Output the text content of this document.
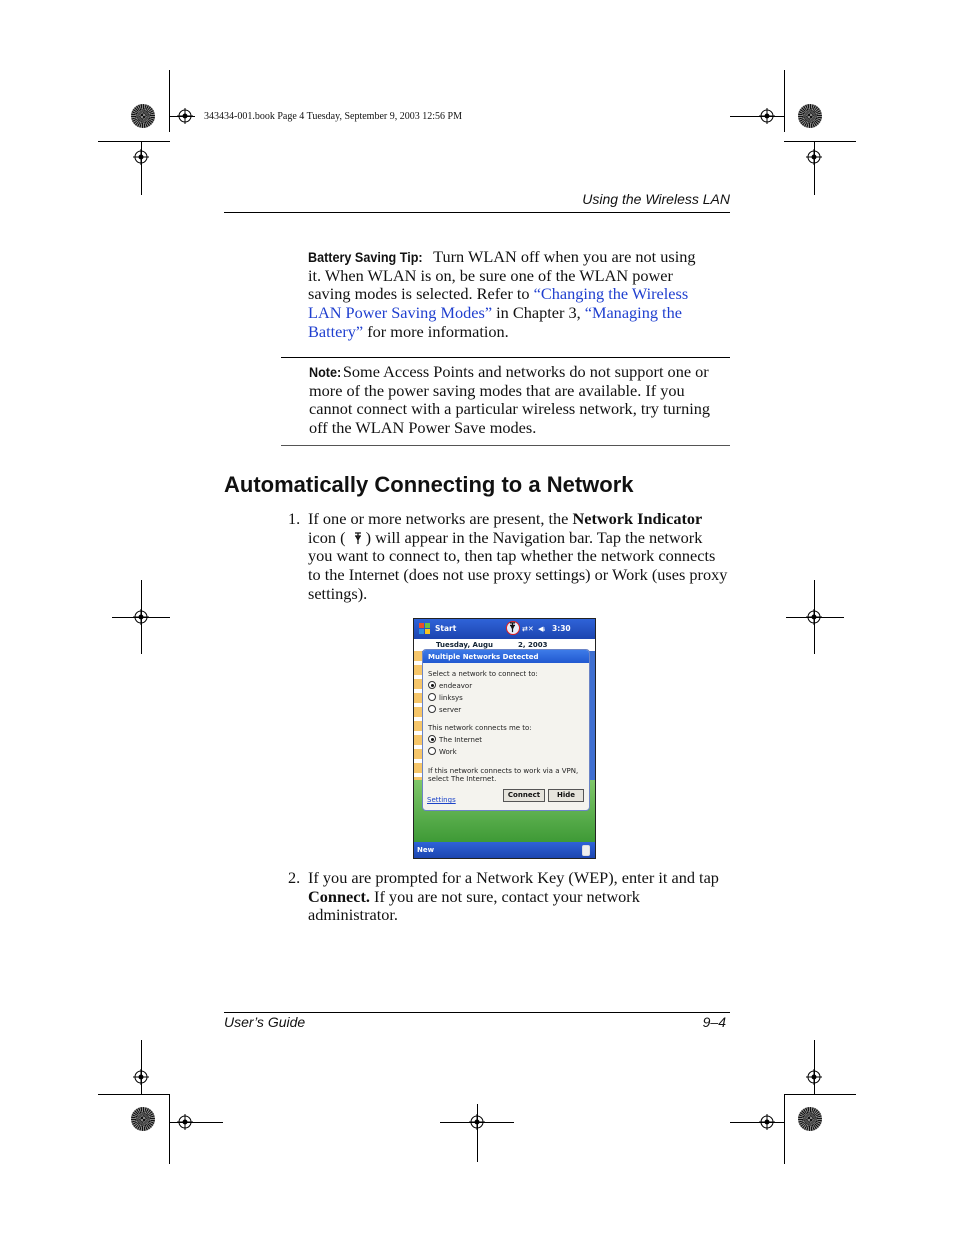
343434-001.book Page 4 Tuesday, September 9, 2003 12:56 PM
Using the Wireless LAN
Battery Saving Tip: Turn WLAN off when you are not using it. When WLAN is on, be sure one of the WLAN power saving modes is selected. Refer to “Changing the Wireless LAN Power Saving Modes” in Chapter 3, “Managing the Battery” for more information.
Note: Some Access Points and networks do not support one or more of the power saving modes that are available. If you cannot connect with a particular wireless network, try turning off the WLAN Power Save modes.
Automatically Connecting to a Network
1. If one or more networks are present, the Network Indicator icon ( ) will appear in the Navigation bar. Tap the network you want to connect to, then tap whether the network connects to the Internet (does not use proxy settings) or Work (uses proxy settings).
Start	⇄✕ ◀ᵢ 3:30
Tuesday, Augu	2, 2003
New
Multiple Networks Detected
Select a network to connect to:
endeavor
linksys
server
This network connects me to:
The Internet
Work
If this network connects to work via a VPN,
select The Internet.
Settings
Connect	Hide
2. If you are prompted for a Network Key (WEP), enter it and tap Connect. If you are not sure, contact your network administrator.
User’s Guide	9–4
